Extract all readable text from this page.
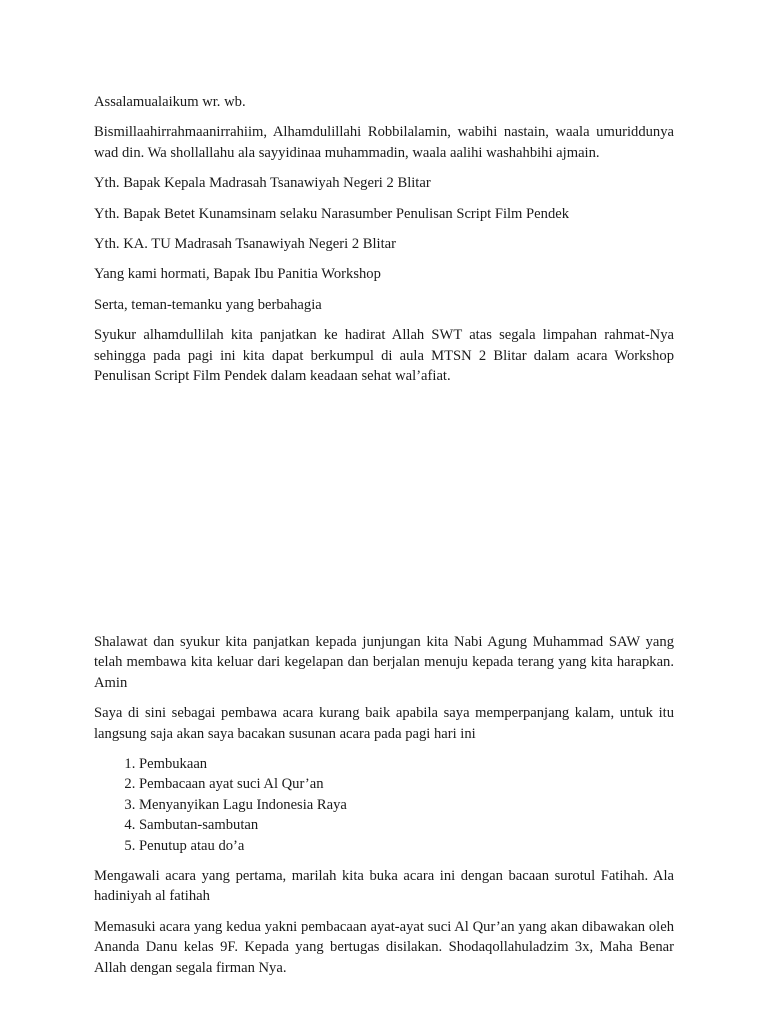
Assalamualaikum wr. wb.

Bismillaahirrahmaanirrahiim, Alhamdulillahi Robbilalamin, wabihi nastain, waala umuriddunya wad din. Wa shollallahu ala sayyidinaa muhammadin, waala aalihi washahbihi ajmain.

Yth. Bapak Kepala Madrasah Tsanawiyah Negeri 2 Blitar

Yth. Bapak Betet Kunamsinam selaku Narasumber Penulisan Script Film Pendek

Yth. KA. TU Madrasah Tsanawiyah Negeri 2 Blitar

Yang kami hormati, Bapak Ibu Panitia Workshop

Serta, teman-temanku yang berbahagia

Syukur alhamdullilah kita panjatkan ke hadirat Allah SWT atas segala limpahan rahmat-Nya sehingga pada pagi ini kita dapat berkumpul di aula MTSN 2 Blitar dalam acara Workshop Penulisan Script Film Pendek dalam keadaan sehat wal’afiat.

Shalawat dan syukur kita panjatkan kepada junjungan kita Nabi Agung Muhammad SAW yang telah membawa kita keluar dari kegelapan dan berjalan menuju kepada terang yang kita harapkan. Amin

Saya di sini sebagai pembawa acara kurang baik apabila saya memperpanjang kalam, untuk itu langsung saja akan saya bacakan susunan acara pada pagi hari ini

1. Pembukaan
2. Pembacaan ayat suci Al Qur’an
3. Menyanyikan Lagu Indonesia Raya
4. Sambutan-sambutan
5. Penutup atau do’a

Mengawali acara yang pertama, marilah kita buka acara ini dengan bacaan surotul Fatihah. Ala hadiniyah al fatihah

Memasuki acara yang kedua yakni pembacaan ayat-ayat suci Al Qur’an yang akan dibawakan oleh Ananda Danu kelas 9F. Kepada yang bertugas disilakan. Shodaqollahuladzim 3x, Maha Benar Allah dengan segala firman Nya.
